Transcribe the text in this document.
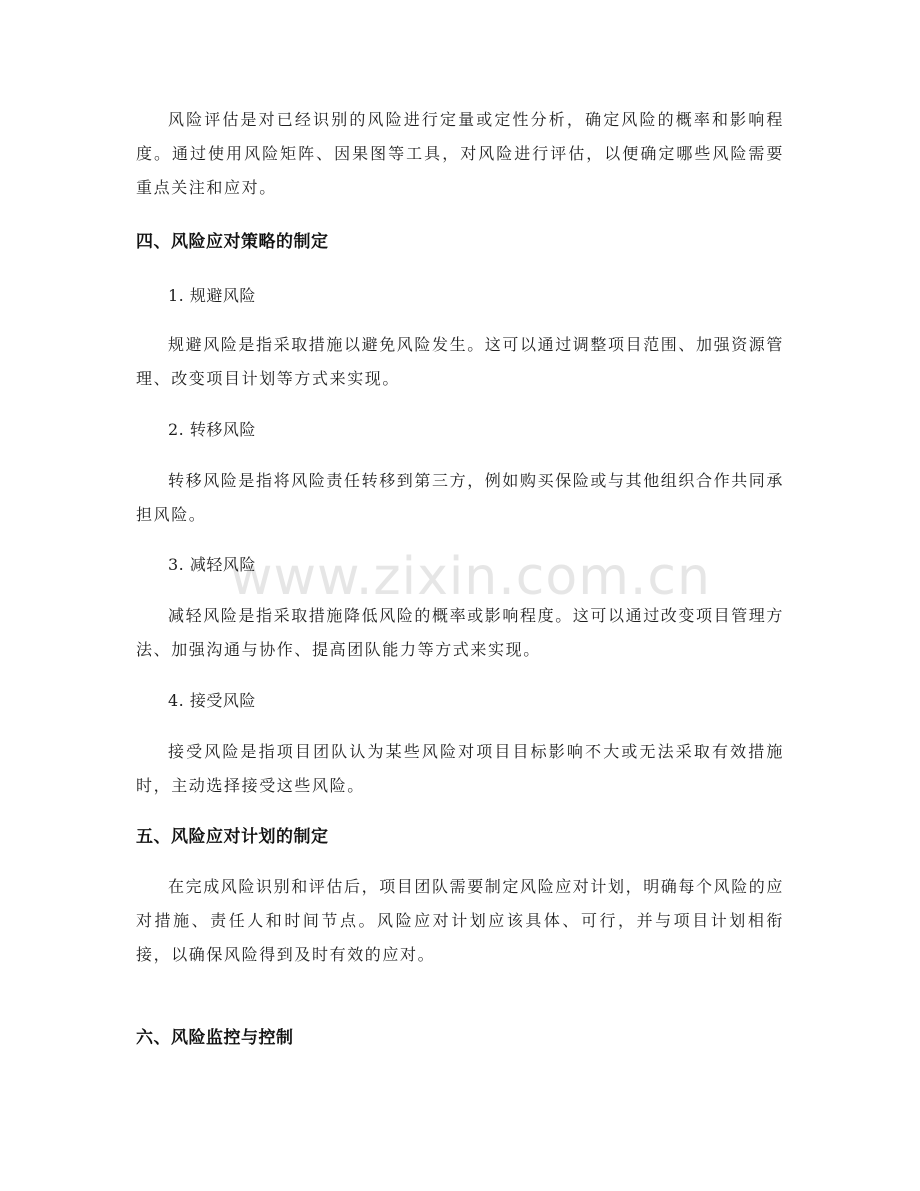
www.zixin.com.cn

风险评估是对已经识别的风险进行定量或定性分析，确定风险的概率和影响程度。通过使用风险矩阵、因果图等工具，对风险进行评估，以便确定哪些风险需要重点关注和应对。

四、风险应对策略的制定

1. 规避风险

规避风险是指采取措施以避免风险发生。这可以通过调整项目范围、加强资源管理、改变项目计划等方式来实现。

2. 转移风险

转移风险是指将风险责任转移到第三方，例如购买保险或与其他组织合作共同承担风险。

3. 减轻风险

减轻风险是指采取措施降低风险的概率或影响程度。这可以通过改变项目管理方法、加强沟通与协作、提高团队能力等方式来实现。

4. 接受风险

接受风险是指项目团队认为某些风险对项目目标影响不大或无法采取有效措施时，主动选择接受这些风险。

五、风险应对计划的制定

在完成风险识别和评估后，项目团队需要制定风险应对计划，明确每个风险的应对措施、责任人和时间节点。风险应对计划应该具体、可行，并与项目计划相衔接，以确保风险得到及时有效的应对。

六、风险监控与控制
